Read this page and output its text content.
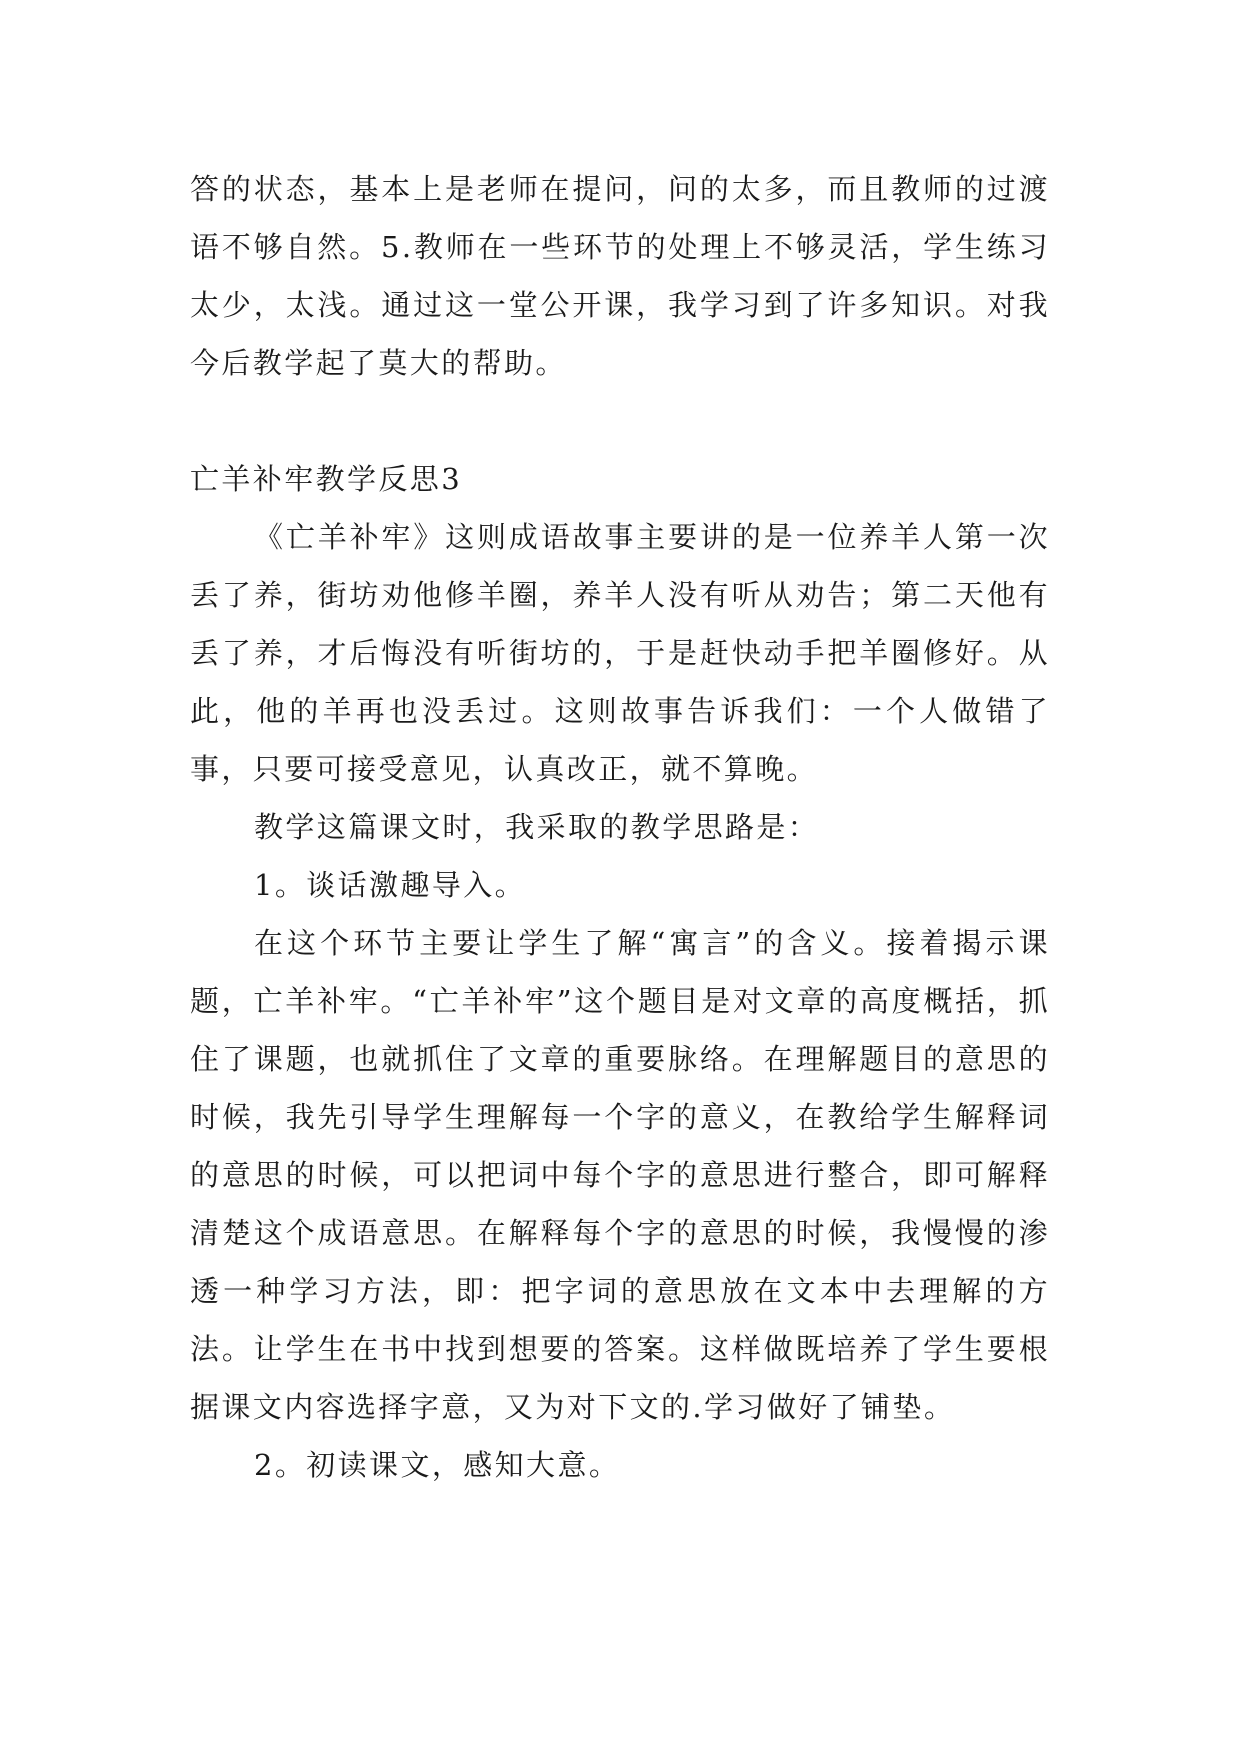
答的状态，基本上是老师在提问，问的太多，而且教师的过渡语不够自然。5.教师在一些环节的处理上不够灵活，学生练习太少，太浅。通过这一堂公开课，我学习到了许多知识。对我今后教学起了莫大的帮助。

亡羊补牢教学反思3

《亡羊补牢》这则成语故事主要讲的是一位养羊人第一次丢了养，街坊劝他修羊圈，养羊人没有听从劝告；第二天他有丢了养，才后悔没有听街坊的，于是赶快动手把羊圈修好。从此，他的羊再也没丢过。这则故事告诉我们：一个人做错了事，只要可接受意见，认真改正，就不算晚。

教学这篇课文时，我采取的教学思路是：

1。谈话激趣导入。

在这个环节主要让学生了解“寓言”的含义。接着揭示课题，亡羊补牢。“亡羊补牢”这个题目是对文章的高度概括，抓住了课题，也就抓住了文章的重要脉络。在理解题目的意思的时候，我先引导学生理解每一个字的意义，在教给学生解释词的意思的时候，可以把词中每个字的意思进行整合，即可解释清楚这个成语意思。在解释每个字的意思的时候，我慢慢的渗透一种学习方法，即：把字词的意思放在文本中去理解的方法。让学生在书中找到想要的答案。这样做既培养了学生要根据课文内容选择字意，又为对下文的.学习做好了铺垫。

2。初读课文，感知大意。
